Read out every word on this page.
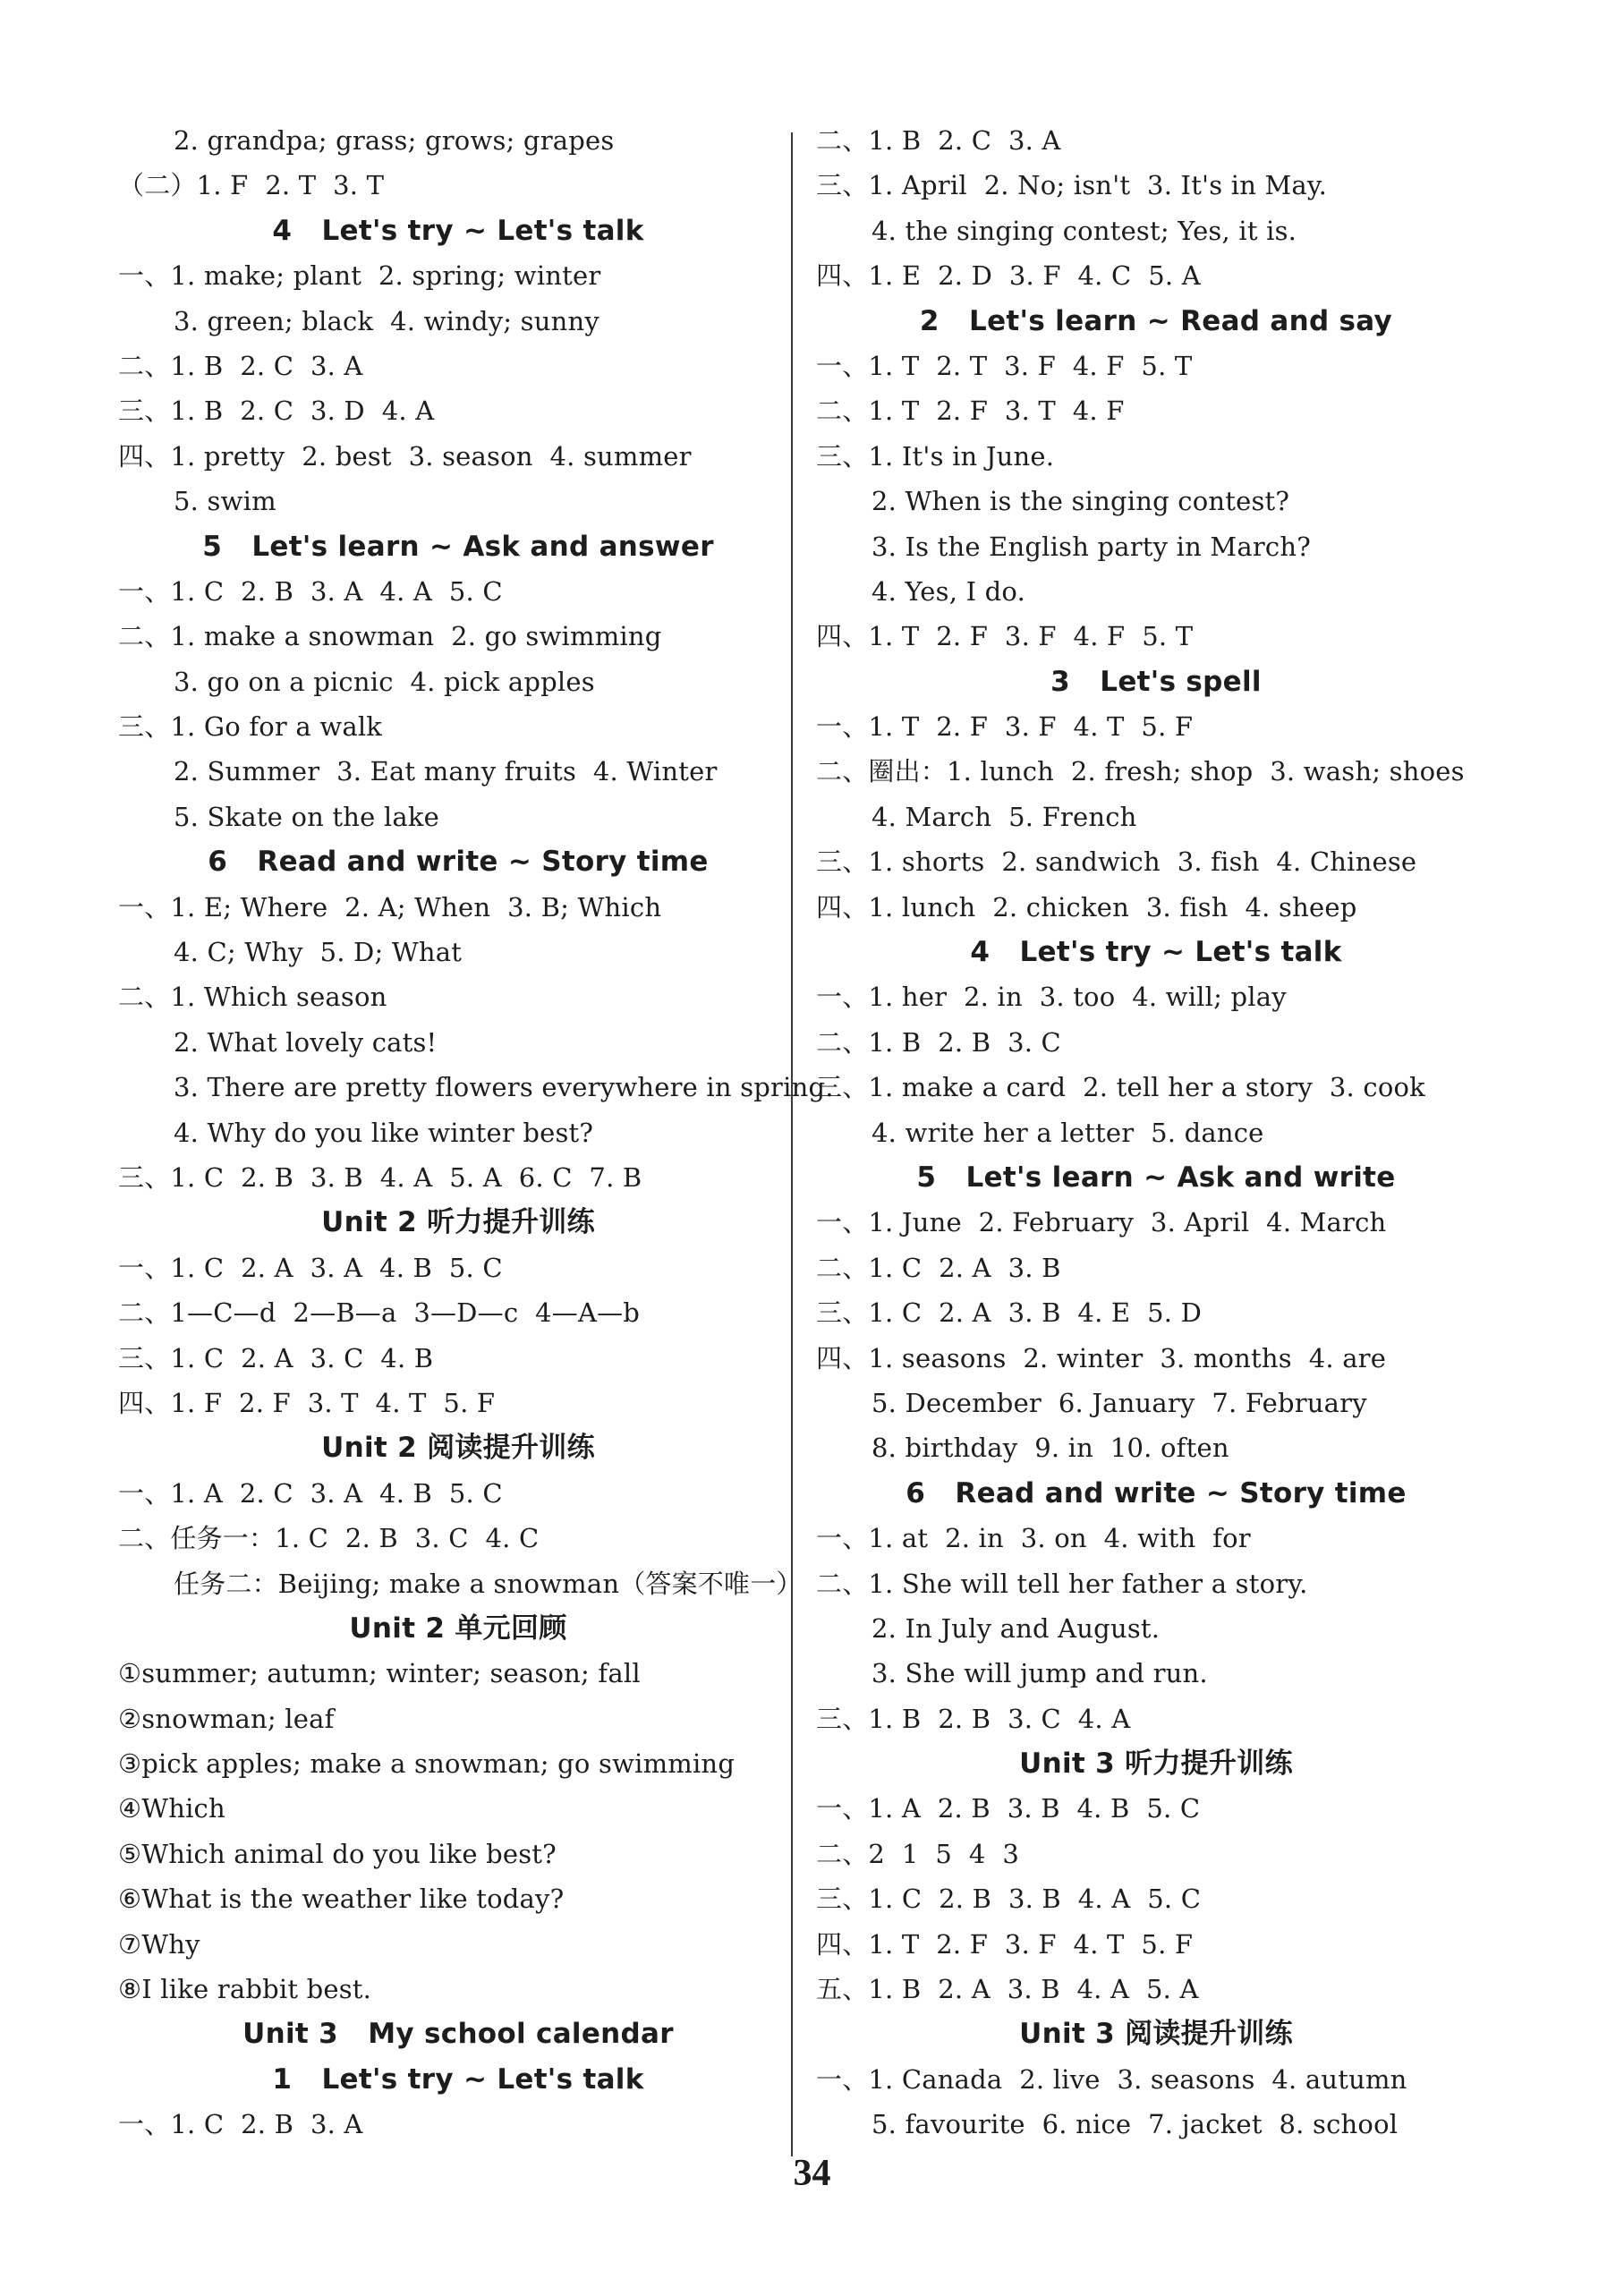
2. grandpa; grass; grows; grapes
（二）1. F  2. T  3. T
4   Let's try ~ Let's talk
一、1. make; plant  2. spring; winter
3. green; black  4. windy; sunny
二、1. B  2. C  3. A
三、1. B  2. C  3. D  4. A
四、1. pretty  2. best  3. season  4. summer
5. swim
5   Let's learn ~ Ask and answer
一、1. C  2. B  3. A  4. A  5. C
二、1. make a snowman  2. go swimming
3. go on a picnic  4. pick apples
三、1. Go for a walk
2. Summer  3. Eat many fruits  4. Winter
5. Skate on the lake
6   Read and write ~ Story time
一、1. E; Where  2. A; When  3. B; Which
4. C; Why  5. D; What
二、1. Which season
2. What lovely cats!
3. There are pretty flowers everywhere in spring.
4. Why do you like winter best?
三、1. C  2. B  3. B  4. A  5. A  6. C  7. B
Unit 2 听力提升训练
一、1. C  2. A  3. A  4. B  5. C
二、1—C—d  2—B—a  3—D—c  4—A—b
三、1. C  2. A  3. C  4. B
四、1. F  2. F  3. T  4. T  5. F
Unit 2 阅读提升训练
一、1. A  2. C  3. A  4. B  5. C
二、任务一：1. C  2. B  3. C  4. C
任务二：Beijing; make a snowman（答案不唯一）
Unit 2 单元回顾
①summer; autumn; winter; season; fall
②snowman; leaf
③pick apples; make a snowman; go swimming
④Which
⑤Which animal do you like best?
⑥What is the weather like today?
⑦Why
⑧I like rabbit best.
Unit 3   My school calendar
1   Let's try ~ Let's talk
一、1. C  2. B  3. A
二、1. B  2. C  3. A
三、1. April  2. No; isn't  3. It's in May.
4. the singing contest; Yes, it is.
四、1. E  2. D  3. F  4. C  5. A
2   Let's learn ~ Read and say
一、1. T  2. T  3. F  4. F  5. T
二、1. T  2. F  3. T  4. F
三、1. It's in June.
2. When is the singing contest?
3. Is the English party in March?
4. Yes, I do.
四、1. T  2. F  3. F  4. F  5. T
3   Let's spell
一、1. T  2. F  3. F  4. T  5. F
二、圈出：1. lunch  2. fresh; shop  3. wash; shoes
4. March  5. French
三、1. shorts  2. sandwich  3. fish  4. Chinese
四、1. lunch  2. chicken  3. fish  4. sheep
4   Let's try ~ Let's talk
一、1. her  2. in  3. too  4. will; play
二、1. B  2. B  3. C
三、1. make a card  2. tell her a story  3. cook
4. write her a letter  5. dance
5   Let's learn ~ Ask and write
一、1. June  2. February  3. April  4. March
二、1. C  2. A  3. B
三、1. C  2. A  3. B  4. E  5. D
四、1. seasons  2. winter  3. months  4. are
5. December  6. January  7. February
8. birthday  9. in  10. often
6   Read and write ~ Story time
一、1. at  2. in  3. on  4. with  for
二、1. She will tell her father a story.
2. In July and August.
3. She will jump and run.
三、1. B  2. B  3. C  4. A
Unit 3 听力提升训练
一、1. A  2. B  3. B  4. B  5. C
二、2  1  5  4  3
三、1. C  2. B  3. B  4. A  5. C
四、1. T  2. F  3. F  4. T  5. F
五、1. B  2. A  3. B  4. A  5. A
Unit 3 阅读提升训练
一、1. Canada  2. live  3. seasons  4. autumn
5. favourite  6. nice  7. jacket  8. school
34
